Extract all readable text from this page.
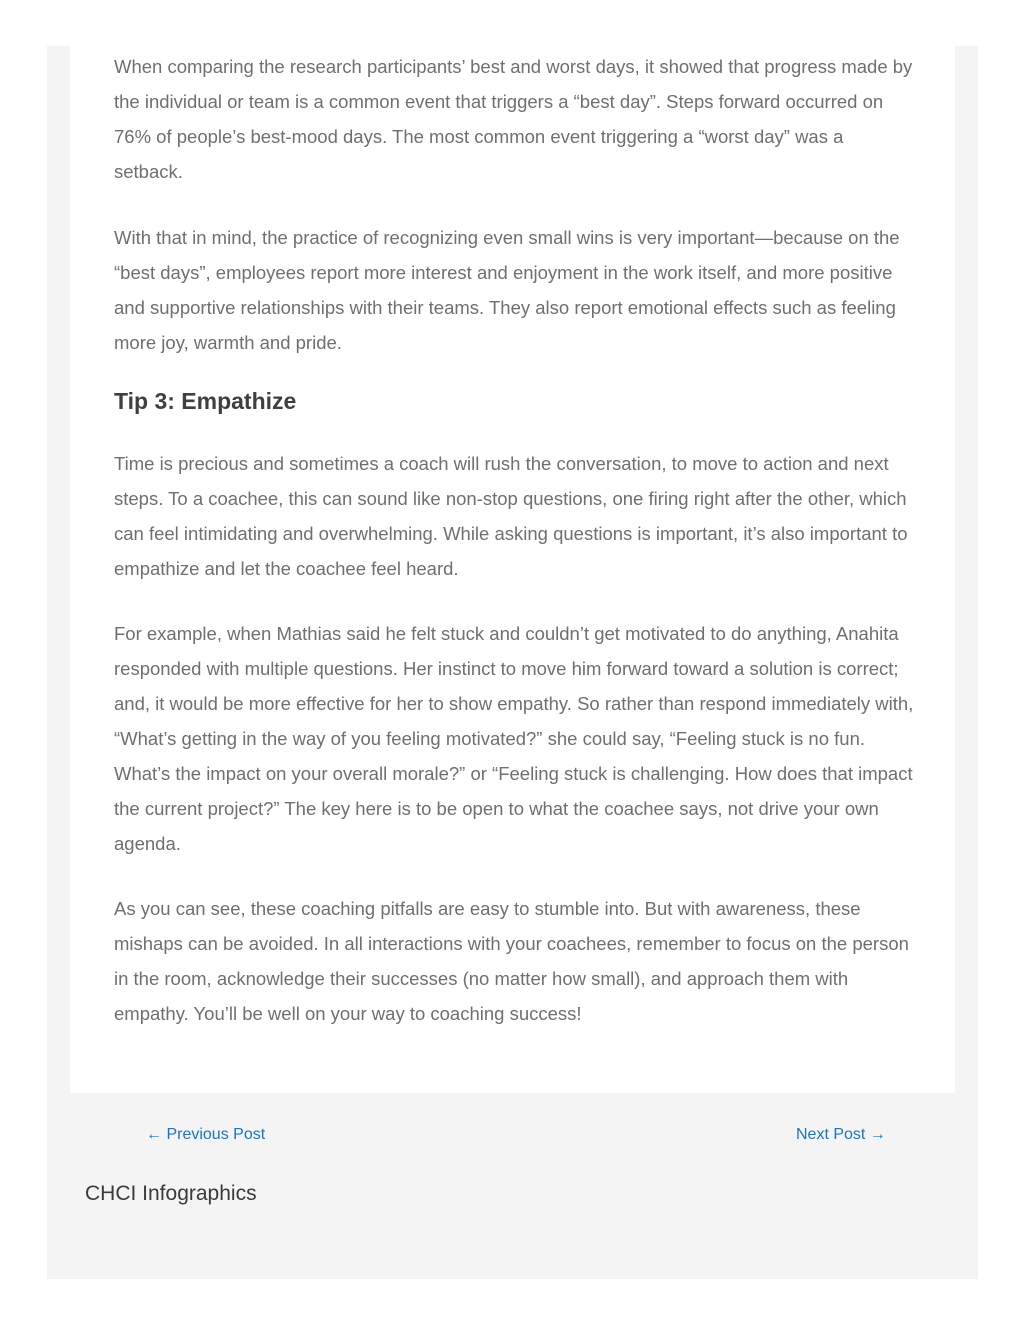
When comparing the research participants’ best and worst days, it showed that progress made by the individual or team is a common event that triggers a “best day”. Steps forward occurred on 76% of people’s best-mood days. The most common event triggering a “worst day” was a setback.

With that in mind, the practice of recognizing even small wins is very important—because on the “best days”, employees report more interest and enjoyment in the work itself, and more positive and supportive relationships with their teams. They also report emotional effects such as feeling more joy, warmth and pride.

Tip 3: Empathize

Time is precious and sometimes a coach will rush the conversation, to move to action and next steps. To a coachee, this can sound like non-stop questions, one firing right after the other, which can feel intimidating and overwhelming. While asking questions is important, it’s also important to empathize and let the coachee feel heard.

For example, when Mathias said he felt stuck and couldn’t get motivated to do anything, Anahita responded with multiple questions. Her instinct to move him forward toward a solution is correct; and, it would be more effective for her to show empathy. So rather than respond immediately with, “What’s getting in the way of you feeling motivated?” she could say, “Feeling stuck is no fun. What’s the impact on your overall morale?” or “Feeling stuck is challenging. How does that impact the current project?” The key here is to be open to what the coachee says, not drive your own agenda.

As you can see, these coaching pitfalls are easy to stumble into. But with awareness, these mishaps can be avoided. In all interactions with your coachees, remember to focus on the person in the room, acknowledge their successes (no matter how small), and approach them with empathy. You’ll be well on your way to coaching success!

← Previous Post	Next Post →
CHCI Infographics
